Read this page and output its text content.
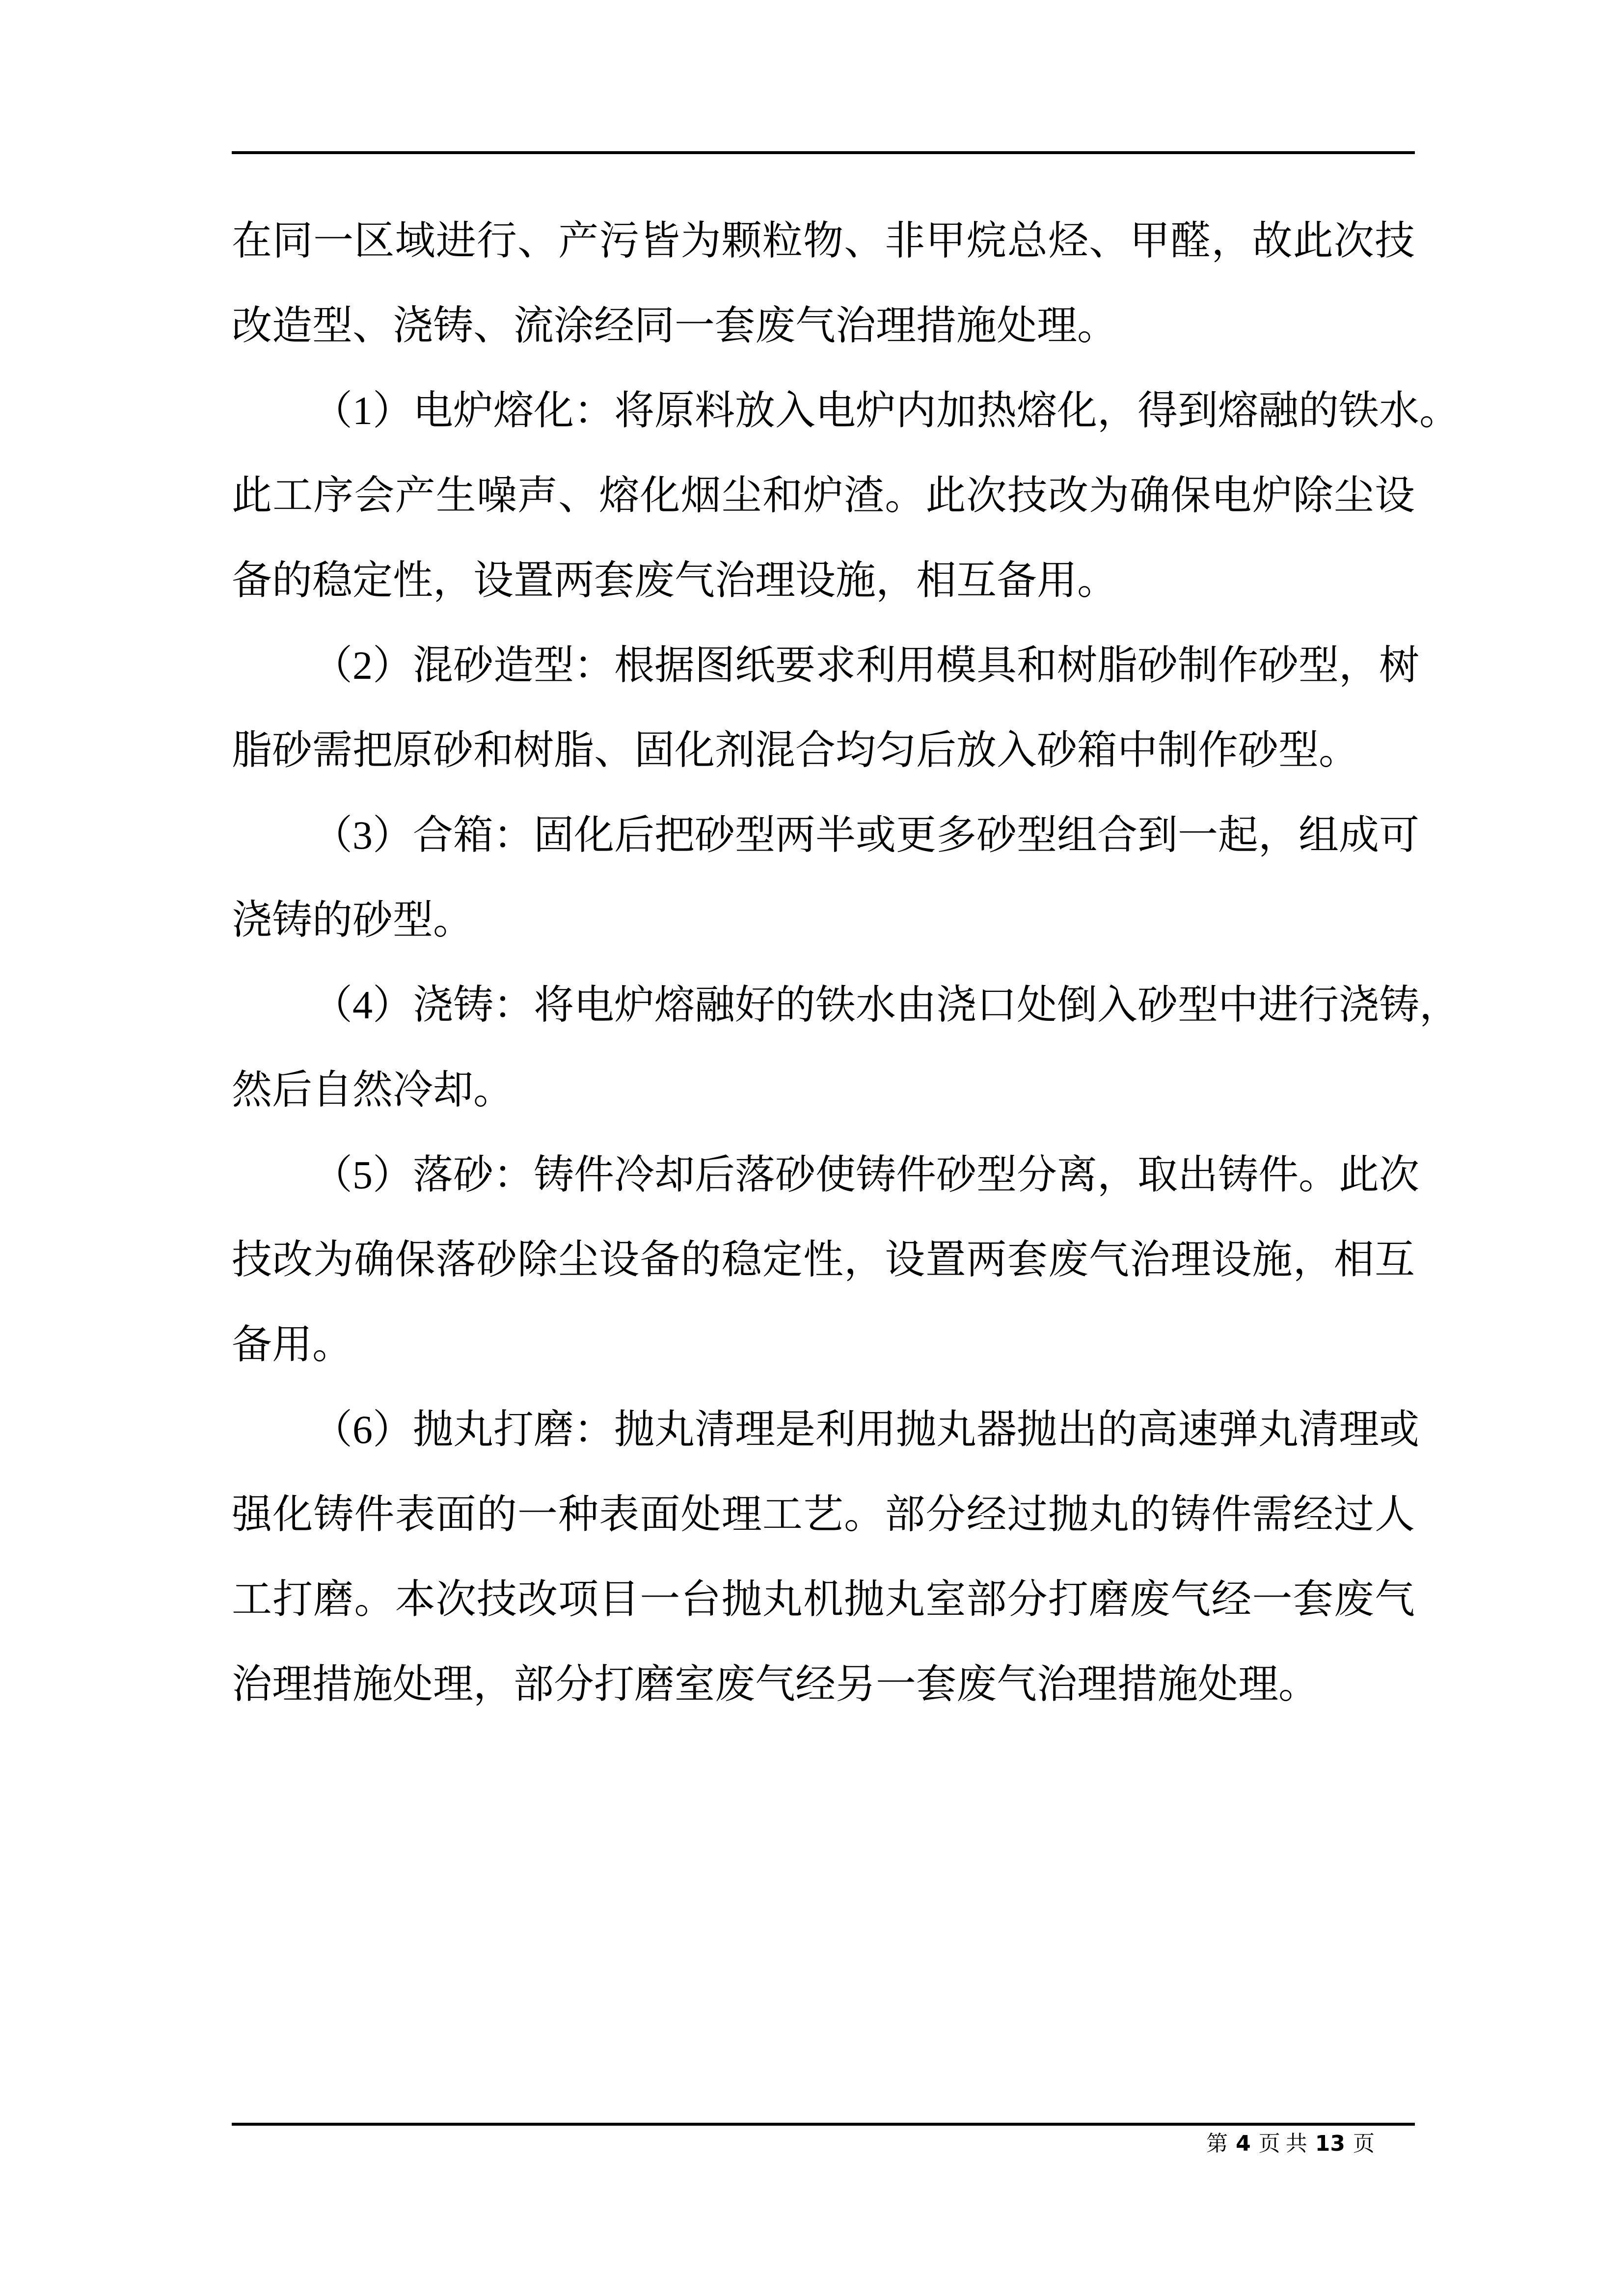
在同一区域进行、产污皆为颗粒物、非甲烷总烃、甲醛，故此次技
改造型、浇铸、流涂经同一套废气治理措施处理。
（1）电炉熔化：将原料放入电炉内加热熔化，得到熔融的铁水。
此工序会产生噪声、熔化烟尘和炉渣。此次技改为确保电炉除尘设
备的稳定性，设置两套废气治理设施，相互备用。
（2）混砂造型：根据图纸要求利用模具和树脂砂制作砂型，树
脂砂需把原砂和树脂、固化剂混合均匀后放入砂箱中制作砂型。
（3）合箱：固化后把砂型两半或更多砂型组合到一起，组成可
浇铸的砂型。
（4）浇铸：将电炉熔融好的铁水由浇口处倒入砂型中进行浇铸，
然后自然冷却。
（5）落砂：铸件冷却后落砂使铸件砂型分离，取出铸件。此次
技改为确保落砂除尘设备的稳定性，设置两套废气治理设施，相互
备用。
（6）抛丸打磨：抛丸清理是利用抛丸器抛出的高速弹丸清理或
强化铸件表面的一种表面处理工艺。部分经过抛丸的铸件需经过人
工打磨。本次技改项目一台抛丸机抛丸室部分打磨废气经一套废气
治理措施处理，部分打磨室废气经另一套废气治理措施处理。
第 4 页 共 13 页
